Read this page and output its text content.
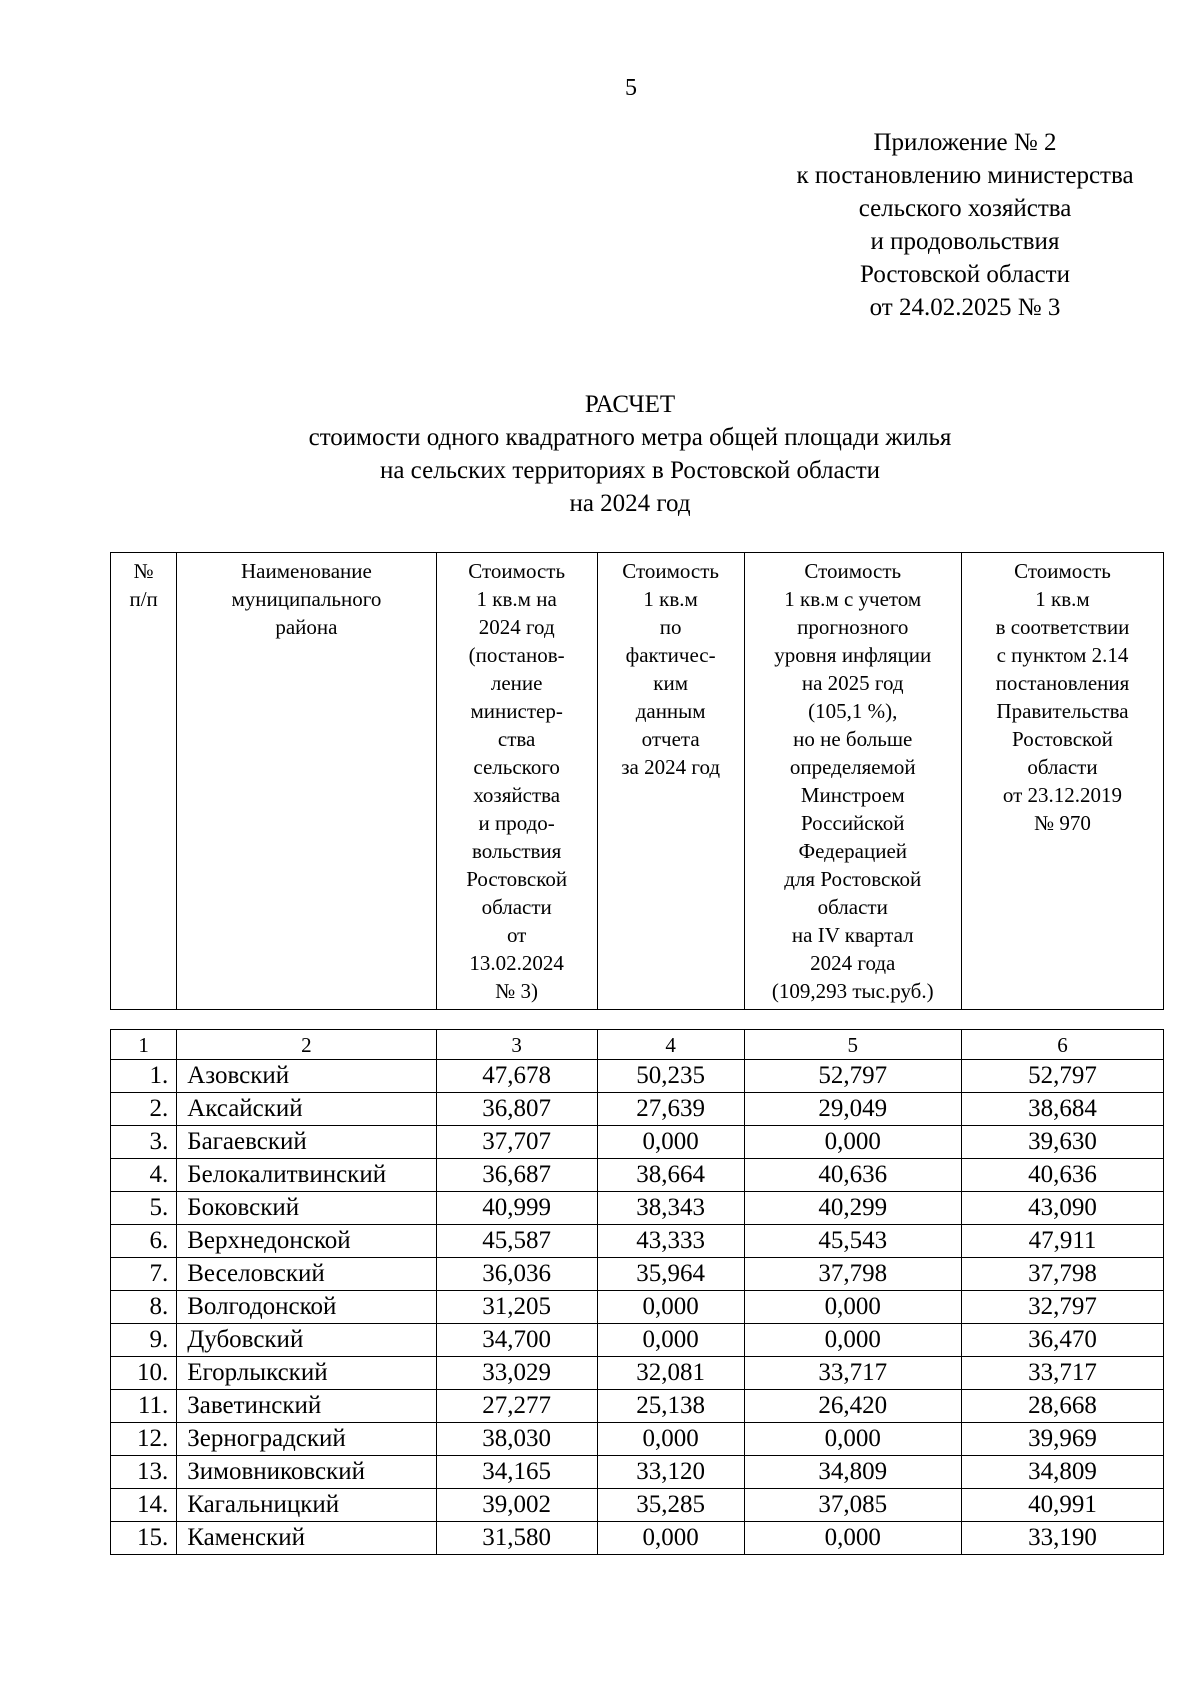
5
Приложение № 2
к постановлению министерства
сельского хозяйства
и продовольствия
Ростовской области
от 24.02.2025 № 3
РАСЧЕТ
стоимости одного квадратного метра общей площади жилья
на сельских территориях в Ростовской области
на 2024 год
№
п/п

Наименование
муниципального
района

Стоимость
1 кв.м на
2024 год
(постанов-
ление
министер-
ства
сельского
хозяйства
и продо-
вольствия
Ростовской
области
от
13.02.2024
№ 3)

Стоимость
1 кв.м
по
фактичес-
ким
данным
отчета
за 2024 год

Стоимость
1 кв.м с учетом
прогнозного
уровня инфляции
на 2025 год
(105,1 %),
но не больше
определяемой
Минстроем
Российской
Федерацией
для Ростовской
области
на IV квартал
2024 года
(109,293 тыс.руб.)

Стоимость
1 кв.м
в соответствии
с пунктом 2.14
постановления
Правительства
Ростовской
области
от 23.12.2019
№ 970
1	2	3	4	5	6
1.	Азовский	47,678	50,235	52,797	52,797
2.	Аксайский	36,807	27,639	29,049	38,684
3.	Багаевский	37,707	0,000	0,000	39,630
4.	Белокалитвинский	36,687	38,664	40,636	40,636
5.	Боковский	40,999	38,343	40,299	43,090
6.	Верхнедонской	45,587	43,333	45,543	47,911
7.	Веселовский	36,036	35,964	37,798	37,798
8.	Волгодонской	31,205	0,000	0,000	32,797
9.	Дубовский	34,700	0,000	0,000	36,470
10.	Егорлыкский	33,029	32,081	33,717	33,717
11.	Заветинский	27,277	25,138	26,420	28,668
12.	Зерноградский	38,030	0,000	0,000	39,969
13.	Зимовниковский	34,165	33,120	34,809	34,809
14.	Кагальницкий	39,002	35,285	37,085	40,991
15.	Каменский	31,580	0,000	0,000	33,190
